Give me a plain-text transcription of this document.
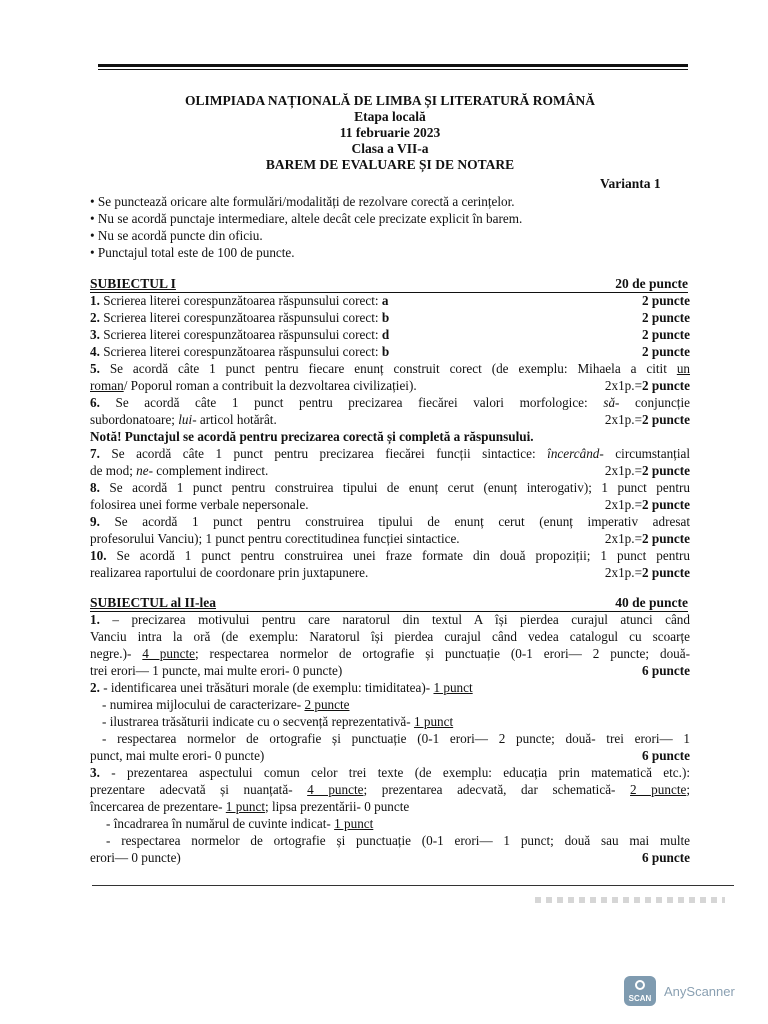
OLIMPIADA NAȚIONALĂ DE LIMBA ȘI LITERATURĂ ROMÂNĂ
Etapa locală
11 februarie 2023
Clasa a VII-a
BAREM DE EVALUARE ȘI DE NOTARE
Varianta 1
• Se punctează oricare alte formulări/modalități de rezolvare corectă a cerințelor.
• Nu se acordă punctaje intermediare, altele decât cele precizate explicit în barem.
• Nu se acordă puncte din oficiu.
• Punctajul total este de 100 de puncte.
SUBIECTUL I	20 de puncte
1. Scrierea literei corespunzătoarea răspunsului corect: a	2 puncte
2. Scrierea literei corespunzătoarea răspunsului corect: b	2 puncte
3. Scrierea literei corespunzătoarea răspunsului corect: d	2 puncte
4. Scrierea literei corespunzătoarea răspunsului corect: b	2 puncte
5. Se acordă câte 1 punct pentru fiecare enunț construit corect (de exemplu: Mihaela a citit un
roman/ Poporul roman a contribuit la dezvoltarea civilizației).	2x1p.=2 puncte
6. Se acordă câte 1 punct pentru precizarea fiecărei valori morfologice: să- conjuncție
subordonatoare; lui- articol hotărât.	2x1p.=2 puncte
Notă! Punctajul se acordă pentru precizarea corectă și completă a răspunsului.
7. Se acordă câte 1 punct pentru precizarea fiecărei funcții sintactice: încercând- circumstanțial
de mod; ne- complement indirect.	2x1p.=2 puncte
8. Se acordă 1 punct pentru construirea tipului de enunț cerut (enunț interogativ); 1 punct pentru
folosirea unei forme verbale nepersonale.	2x1p.=2 puncte
9. Se acordă 1 punct pentru construirea tipului de enunț cerut (enunț imperativ adresat
profesorului Vanciu); 1 punct pentru corectitudinea funcției sintactice.	2x1p.=2 puncte
10. Se acordă 1 punct pentru construirea unei fraze formate din două propoziții; 1 punct pentru
realizarea raportului de coordonare prin juxtapunere.	2x1p.=2 puncte
SUBIECTUL al II-lea	40 de puncte
1. – precizarea motivului pentru care naratorul din textul A își pierdea curajul atunci când
Vanciu intra la oră (de exemplu: Naratorul își pierdea curajul când vedea catalogul cu scoarțe
negre.)- 4 puncte; respectarea normelor de ortografie și punctuație (0-1 erori— 2 puncte; două-
trei erori— 1 puncte, mai multe erori- 0 puncte)	6 puncte
2. - identificarea unei trăsături morale (de exemplu: timiditatea)- 1 punct
- numirea mijlocului de caracterizare- 2 puncte
- ilustrarea trăsăturii indicate cu o secvență reprezentativă- 1 punct
- respectarea normelor de ortografie și punctuație (0-1 erori— 2 puncte; două- trei erori— 1
punct, mai multe erori- 0 puncte)	6 puncte
3. - prezentarea aspectului comun celor trei texte (de exemplu: educația prin matematică etc.):
prezentare adecvată și nuanțată- 4 puncte; prezentarea adecvată, dar schematică- 2 puncte;
încercarea de prezentare- 1 punct; lipsa prezentării- 0 puncte
- încadrarea în numărul de cuvinte indicat- 1 punct
- respectarea normelor de ortografie și punctuație (0-1 erori— 1 punct; două sau mai multe
erori— 0 puncte)	6 puncte
SCAN AnyScanner
